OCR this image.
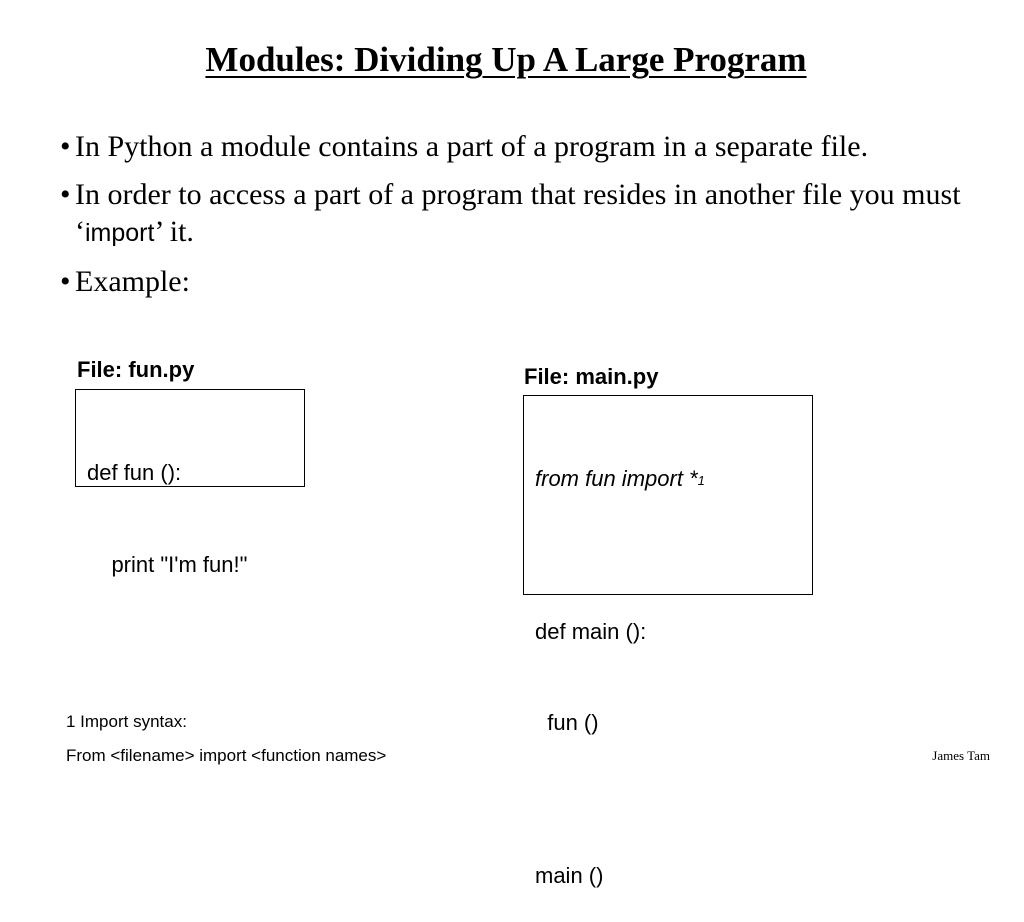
Modules: Dividing Up A Large Program
• In Python a module contains a part of a program in a separate file.
• In order to access a part of a program that resides in another file you must ‘import’ it.
• Example:
File: fun.py

def fun ():

print "I'm fun!"

File: main.py

from fun import *$^1$

def main ():

fun ()

main ()

1 Import syntax:
From <filename> import <function names>	James Tam
